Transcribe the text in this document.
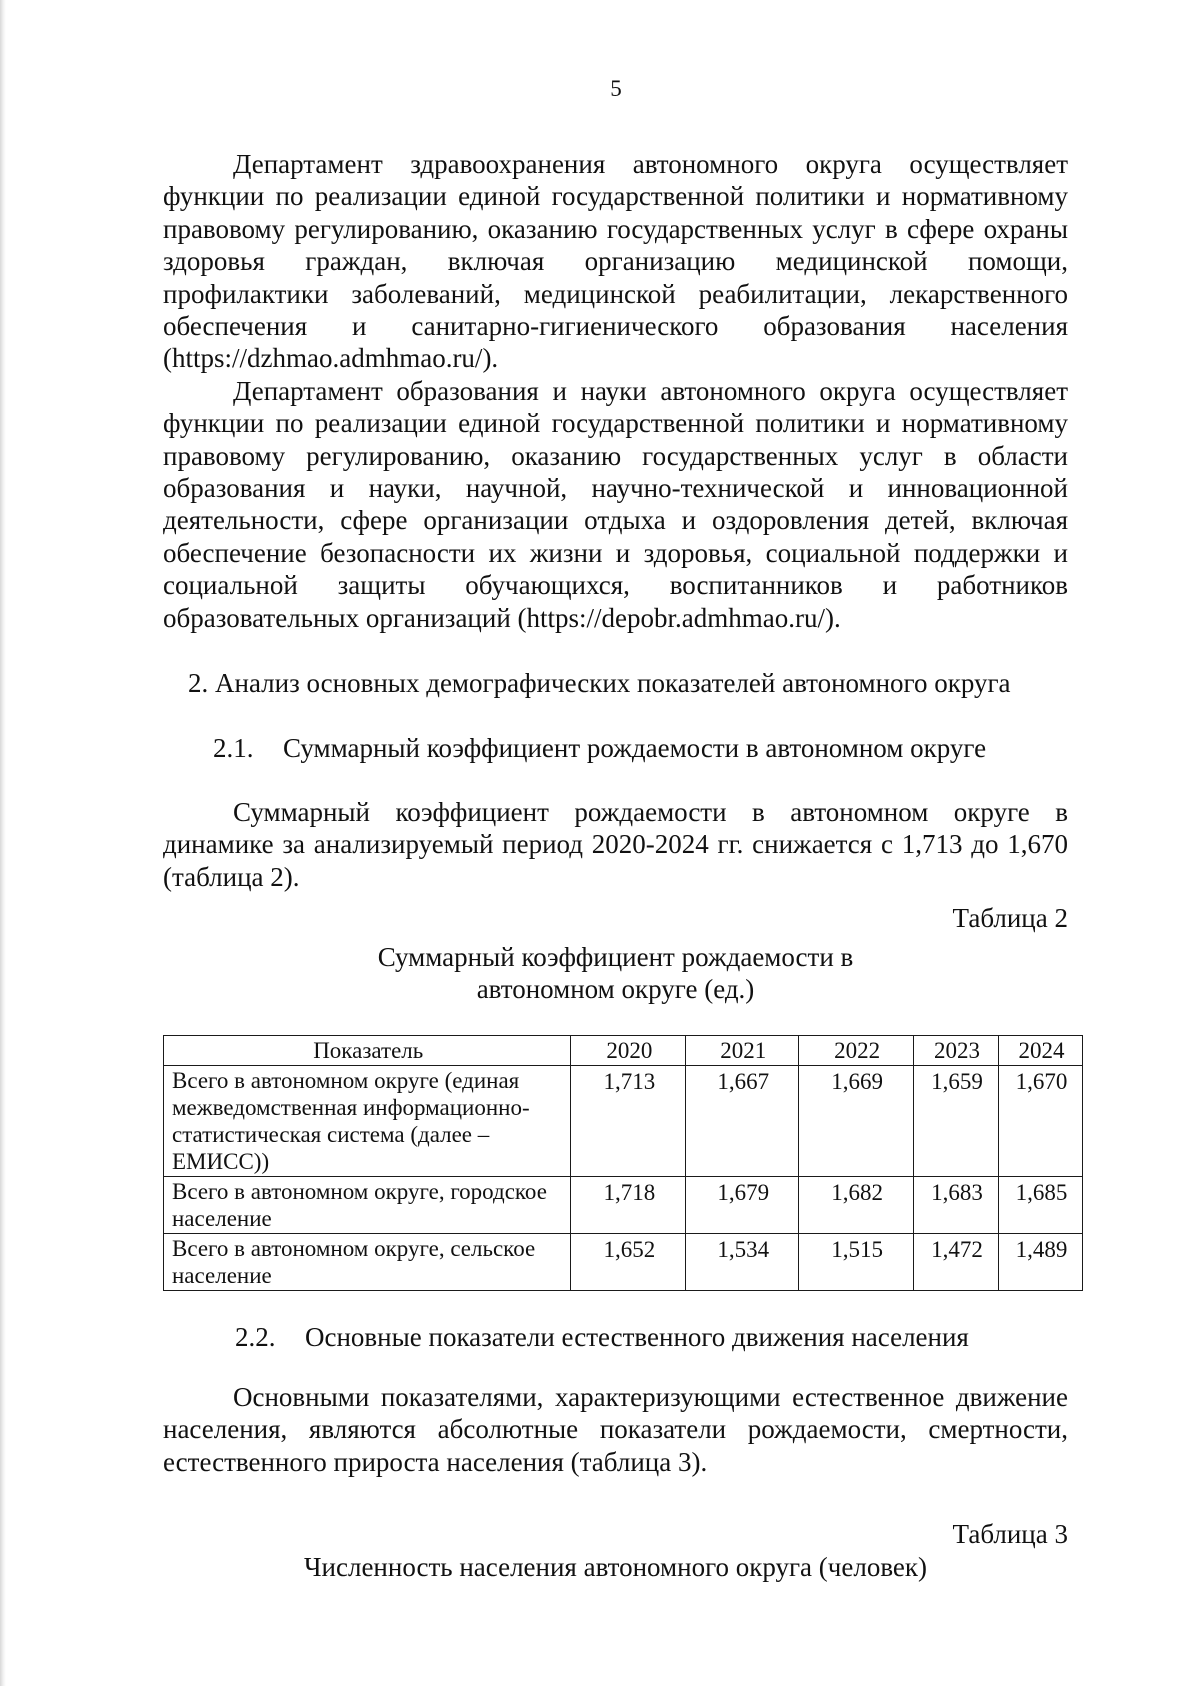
5

Департамент здравоохранения автономного округа осуществляет функции по реализации единой государственной политики и нормативному правовому регулированию, оказанию государственных услуг в сфере охраны здоровья граждан, включая организацию медицинской помощи, профилактики заболеваний, медицинской реабилитации, лекарственного обеспечения и санитарно-гигиенического образования населения (https://dzhmao.admhmao.ru/).

Департамент образования и науки автономного округа осуществляет функции по реализации единой государственной политики и нормативному правовому регулированию, оказанию государственных услуг в области образования и науки, научной, научно-технической и инновационной деятельности, сфере организации отдыха и оздоровления детей, включая обеспечение безопасности их жизни и здоровья, социальной поддержки и социальной защиты обучающихся, воспитанников и работников образовательных организаций (https://depobr.admhmao.ru/).

2. Анализ основных демографических показателей автономного округа

2.1. Суммарный коэффициент рождаемости в автономном округе

Суммарный коэффициент рождаемости в автономном округе в динамике за анализируемый период 2020-2024 гг. снижается с 1,713 до 1,670 (таблица 2).

Таблица 2
Суммарный коэффициент рождаемости в
автономном округе (ед.)
Показатель	2020	2021	2022	2023	2024
Всего в автономном округе (единая межведомственная информационно-статистическая система (далее –ЕМИСС))	1,713	1,667	1,669	1,659	1,670
Всего в автономном округе, городское население	1,718	1,679	1,682	1,683	1,685
Всего в автономном округе, сельское население	1,652	1,534	1,515	1,472	1,489

2.2. Основные показатели естественного движения населения

Основными показателями, характеризующими естественное движение населения, являются абсолютные показатели рождаемости, смертности, естественного прироста населения (таблица 3).

Таблица 3
Численность населения автономного округа (человек)
